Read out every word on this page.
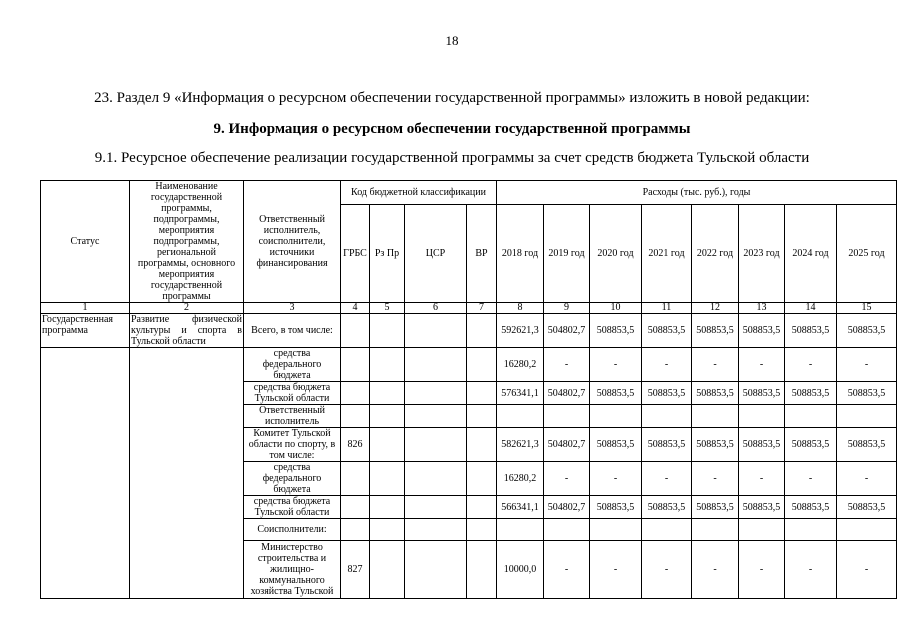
18
23. Раздел 9 «Информация о ресурсном обеспечении государственной программы» изложить в новой редакции:
9. Информация о ресурсном обеспечении государственной программы
9.1. Ресурсное обеспечение реализации государственной программы за счет средств бюджета Тульской области
Статус	Наименование государственной программы, подпрограммы, мероприятия подпрограммы, региональной программы, основного мероприятия государственной программы	Ответственный исполнитель, соисполнители, источники финансирования	Код бюджетной классификации				Расходы (тыс. руб.), годы							
			ГРБС	Рз Пр	ЦСР	ВР	2018 год	2019 год	2020 год	2021 год	2022 год	2023 год	2024 год	2025 год
1	2	3	4	5	6	7	8	9	10	11	12	13	14	15
Государственная программа	Развитие физической культуры и спорта в Тульской области	Всего, в том числе:					592621,3	504802,7	508853,5	508853,5	508853,5	508853,5	508853,5	508853,5
		средства федерального бюджета					16280,2	-	-	-	-	-	-	-
		средства бюджета Тульской области					576341,1	504802,7	508853,5	508853,5	508853,5	508853,5	508853,5	508853,5
		Ответственный исполнитель												
		Комитет Тульской области по спорту, в том числе:	826				582621,3	504802,7	508853,5	508853,5	508853,5	508853,5	508853,5	508853,5
		средства федерального бюджета					16280,2	-	-	-	-	-	-	-
		средства бюджета Тульской области					566341,1	504802,7	508853,5	508853,5	508853,5	508853,5	508853,5	508853,5
		Соисполнители:												
		Министерство строительства и жилищно-коммунального хозяйства Тульской	827				10000,0	-	-	-	-	-	-	-
